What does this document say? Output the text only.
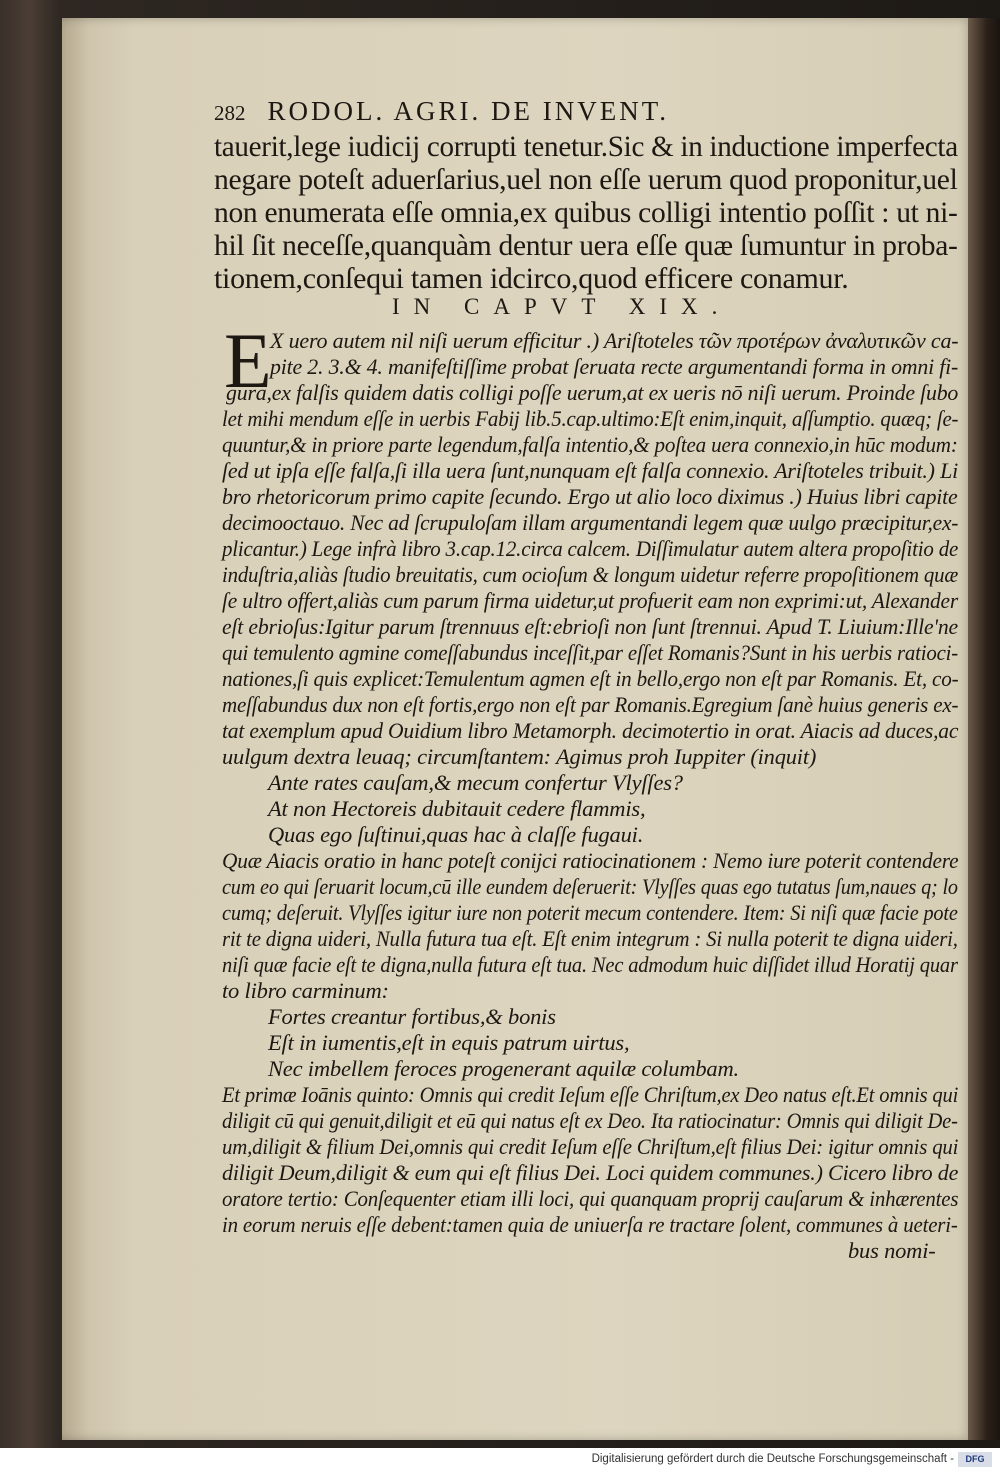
282 RODOL. AGRI. DE INVENT.
tauerit,lege iudicij corrupti tenetur.Sic & in inductione imperfecta
negare poteſt aduerſarius,uel non eſſe uerum quod proponitur,uel
non enumerata eſſe omnia,ex quibus colligi intentio poſſit : ut ni-
hil ſit neceſſe,quanquàm dentur uera eſſe quæ ſumuntur in proba-
tionem,conſequi tamen idcirco,quod efficere conamur.
IN CAPVT XIX.
E
X uero autem nil niſi uerum efficitur .) Ariſtoteles τῶν προτέρων ἀναλυτικῶν ca-
pite 2. 3.& 4. manifeſtiſſime probat ſeruata recte argumentandi forma in omni fi-
gura,ex falſis quidem datis colligi poſſe uerum,at ex ueris nō niſi uerum. Proinde ſubo
let mihi mendum eſſe in uerbis Fabij lib.5.cap.ultimo:Eſt enim,inquit, aſſumptio. quæq; ſe-
quuntur,& in priore parte legendum,falſa intentio,& poſtea uera connexio,in hūc modum:
ſed ut ipſa eſſe falſa,ſi illa uera ſunt,nunquam eſt falſa connexio. Ariſtoteles tribuit.) Li
bro rhetoricorum primo capite ſecundo. Ergo ut alio loco diximus .) Huius libri capite
decimooctauo. Nec ad ſcrupuloſam illam argumentandi legem quæ uulgo præcipitur,ex-
plicantur.) Lege infrà libro 3.cap.12.circa calcem. Diſſimulatur autem altera propoſitio de
induſtria,aliàs ſtudio breuitatis, cum ocioſum & longum uidetur referre propoſitionem quæ
ſe ultro offert,aliàs cum parum firma uidetur,ut profuerit eam non exprimi:ut, Alexander
eſt ebrioſus:Igitur parum ſtrennuus eſt:ebrioſi non ſunt ſtrennui. Apud T. Liuium:Ille'ne
qui temulento agmine comeſſabundus inceſſit,par eſſet Romanis?Sunt in his uerbis ratioci-
nationes,ſi quis explicet:Temulentum agmen eſt in bello,ergo non eſt par Romanis. Et, co-
meſſabundus dux non eſt fortis,ergo non eſt par Romanis.Egregium ſanè huius generis ex-
tat exemplum apud Ouidium libro Metamorph. decimotertio in orat. Aiacis ad duces,ac
uulgum dextra leuaq; circumſtantem: Agimus proh Iuppiter (inquit)
Ante rates cauſam,& mecum confertur Vlyſſes?
At non Hectoreis dubitauit cedere flammis,
Quas ego ſuſtinui,quas hac à claſſe fugaui.
Quæ Aiacis oratio in hanc poteſt conijci ratiocinationem : Nemo iure poterit contendere
cum eo qui ſeruarit locum,cū ille eundem deſeruerit: Vlyſſes quas ego tutatus ſum,naues q; lo
cumq; deſeruit. Vlyſſes igitur iure non poterit mecum contendere. Item: Si niſi quæ facie pote
rit te digna uideri, Nulla futura tua eſt. Eſt enim integrum : Si nulla poterit te digna uideri,
niſi quæ facie eſt te digna,nulla futura eſt tua. Nec admodum huic diſſidet illud Horatij quar
to libro carminum:
Fortes creantur fortibus,& bonis
Eſt in iumentis,eſt in equis patrum uirtus,
Nec imbellem feroces progenerant aquilæ columbam.
Et primæ Ioānis quinto: Omnis qui credit Ieſum eſſe Chriſtum,ex Deo natus eſt.Et omnis qui
diligit cū qui genuit,diligit et eū qui natus eſt ex Deo. Ita ratiocinatur: Omnis qui diligit De-
um,diligit & filium Dei,omnis qui credit Ieſum eſſe Chriſtum,eſt filius Dei: igitur omnis qui
diligit Deum,diligit & eum qui eſt filius Dei. Loci quidem communes.) Cicero libro de
oratore tertio: Conſequenter etiam illi loci, qui quanquam proprij cauſarum & inhærentes
in eorum neruis eſſe debent:tamen quia de uniuerſa re tractare ſolent, communes à ueteri-
bus nomi-
Digitalisierung gefördert durch die Deutsche Forschungsgemeinschaft -	DFG
